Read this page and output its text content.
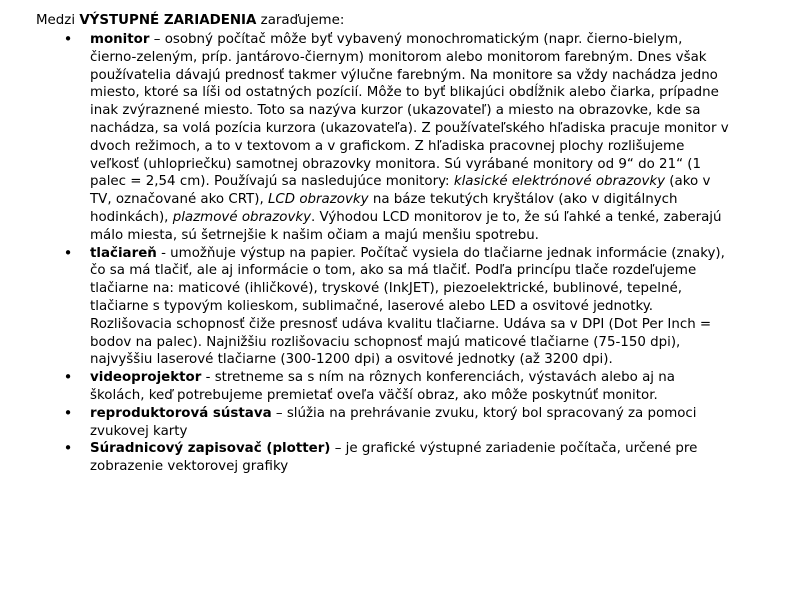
Medzi VÝSTUPNÉ ZARIADENIA zaraďujeme:

•
monitor – osobný počítač môže byť vybavený monochromatickým (napr. čierno-bielym, čierno-zeleným, príp. jantárovo-čiernym) monitorom alebo monitorom farebným. Dnes však používatelia dávajú prednosť takmer výlučne farebným. Na monitore sa vždy nachádza jedno miesto, ktoré sa líši od ostatných pozícií. Môže to byť blikajúci obdĺžnik alebo čiarka, prípadne inak zvýraznené miesto. Toto sa nazýva kurzor (ukazovateľ) a miesto na obrazovke, kde sa nachádza, sa volá pozícia kurzora (ukazovateľa). Z používateľského hľadiska pracuje monitor v dvoch režimoch, a to v textovom a v grafickom. Z hľadiska pracovnej plochy rozlišujeme veľkosť (uhlopriečku) samotnej obrazovky monitora. Sú vyrábané monitory od 9“ do 21“ (1 palec = 2,54 cm). Používajú sa nasledujúce monitory: klasické elektrónové obrazovky (ako v TV, označované ako CRT), LCD obrazovky na báze tekutých kryštálov (ako v digitálnych hodinkách), plazmové obrazovky. Výhodou LCD monitorov je to, že sú ľahké a tenké, zaberajú málo miesta, sú šetrnejšie k našim očiam a majú menšiu spotrebu.
•
tlačiareň - umožňuje výstup na papier. Počítač vysiela do tlačiarne jednak informácie (znaky), čo sa má tlačiť, ale aj informácie o tom, ako sa má tlačiť. Podľa princípu tlače rozdeľujeme tlačiarne na: maticové (ihličkové), tryskové (InkJET), piezoelektrické, bublinové, tepelné, tlačiarne s typovým kolieskom, sublimačné, laserové alebo LED a osvitové jednotky. Rozlišovacia schopnosť čiže presnosť udáva kvalitu tlačiarne. Udáva sa v DPI (Dot Per Inch = bodov na palec). Najnižšiu rozlišovaciu schopnosť majú maticové tlačiarne (75-150 dpi), najvyššiu laserové tlačiarne (300-1200 dpi) a osvitové jednotky (až 3200 dpi).
•
videoprojektor - stretneme sa s ním na rôznych konferenciách, výstavách alebo aj na školách, keď potrebujeme premietať oveľa väčší obraz, ako môže poskytnúť monitor.
•
reproduktorová sústava – slúžia na prehrávanie zvuku, ktorý bol spracovaný za pomoci zvukovej karty
•
Súradnicový zapisovač (plotter) – je grafické výstupné zariadenie počítača, určené pre zobrazenie vektorovej grafiky
